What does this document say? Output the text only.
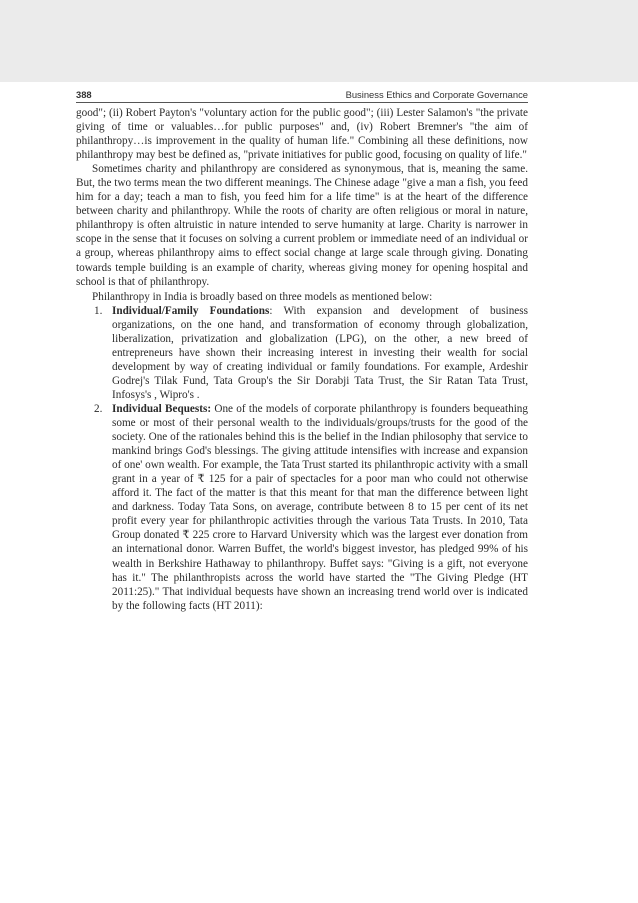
388	Business Ethics and Corporate Governance

good"; (ii) Robert Payton's "voluntary action for the public good"; (iii) Lester Salamon's "the private giving of time or valuables…for public purposes" and, (iv) Robert Bremner's "the aim of philanthropy…is improvement in the quality of human life." Combining all these definitions, now philanthropy may best be defined as, "private initiatives for public good, focusing on quality of life."

Sometimes charity and philanthropy are considered as synonymous, that is, meaning the same. But, the two terms mean the two different meanings. The Chinese adage "give a man a fish, you feed him for a day; teach a man to fish, you feed him for a life time" is at the heart of the difference between charity and philanthropy. While the roots of charity are often religious or moral in nature, philanthropy is often altruistic in nature intended to serve humanity at large. Charity is narrower in scope in the sense that it focuses on solving a current problem or immediate need of an individual or a group, whereas philanthropy aims to effect social change at large scale through giving. Donating towards temple building is an example of charity, whereas giving money for opening hospital and school is that of philanthropy.

Philanthropy in India is broadly based on three models as mentioned below:

1. Individual/Family Foundations: With expansion and development of business organizations, on the one hand, and transformation of economy through globalization, liberalization, privatization and globalization (LPG), on the other, a new breed of entrepreneurs have shown their increasing interest in investing their wealth for social development by way of creating individual or family foundations. For example, Ardeshir Godrej's Tilak Fund, Tata Group's the Sir Dorabji Tata Trust, the Sir Ratan Tata Trust, Infosys's , Wipro's .
2. Individual Bequests: One of the models of corporate philanthropy is founders bequeathing some or most of their personal wealth to the individuals/groups/trusts for the good of the society. One of the rationales behind this is the belief in the Indian philosophy that service to mankind brings God's blessings. The giving attitude intensifies with increase and expansion of one' own wealth. For example, the Tata Trust started its philanthropic activity with a small grant in a year of ₹ 125 for a pair of spectacles for a poor man who could not otherwise afford it. The fact of the matter is that this meant for that man the difference between light and darkness. Today Tata Sons, on average, contribute between 8 to 15 per cent of its net profit every year for philanthropic activities through the various Tata Trusts. In 2010, Tata Group donated ₹ 225 crore to Harvard University which was the largest ever donation from an international donor. Warren Buffet, the world's biggest investor, has pledged 99% of his wealth in Berkshire Hathaway to philanthropy. Buffet says: "Giving is a gift, not everyone has it." The philanthropists across the world have started the "The Giving Pledge (HT 2011:25)." That individual bequests have shown an increasing trend world over is indicated by the following facts (HT 2011):
